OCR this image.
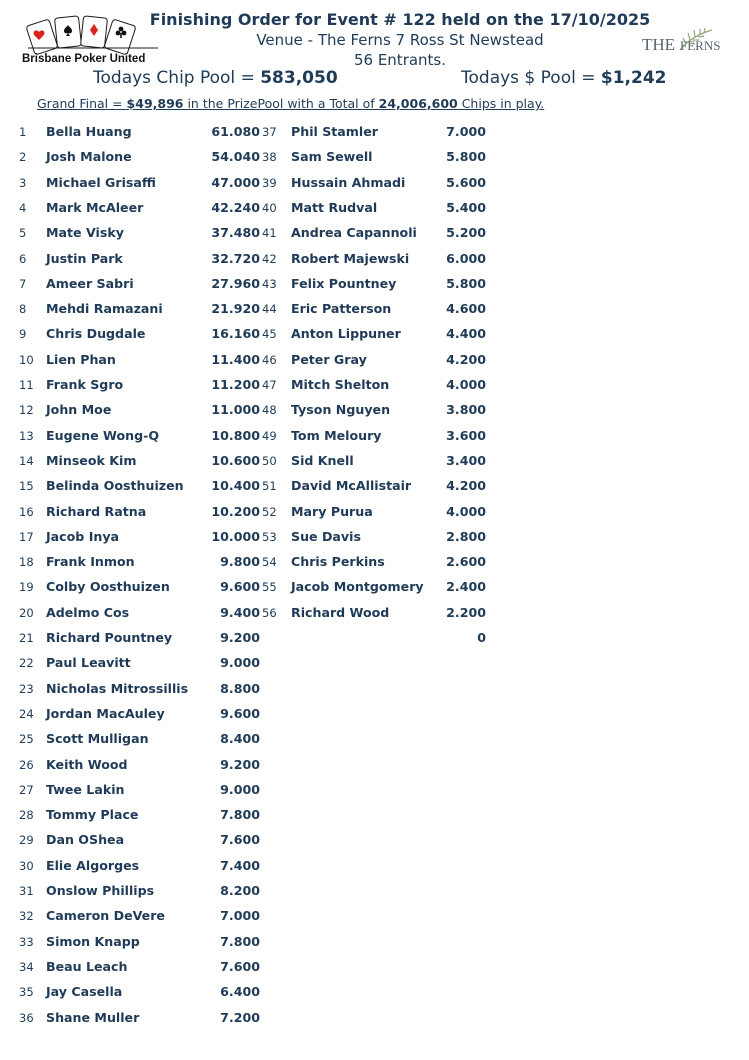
Brisbane Poker United
THE FERNS
Finishing Order for Event # 122 held on the 17/10/2025
Venue - The Ferns 7 Ross St Newstead
56 Entrants.
Todays Chip Pool = 583,050	Todays $ Pool = $1,242
Grand Final = $49,896 in the PrizePool with a Total of 24,006,600 Chips in play.
1 Bella Huang	61.080
2 Josh Malone	54.040
3 Michael Grisaffi	47.000
4 Mark McAleer	42.240
5 Mate Visky	37.480
6 Justin Park	32.720
7 Ameer Sabri	27.960
8 Mehdi Ramazani	21.920
9 Chris Dugdale	16.160
10 Lien Phan	11.400
11 Frank Sgro	11.200
12 John Moe	11.000
13 Eugene Wong-Q	10.800
14 Minseok Kim	10.600
15 Belinda Oosthuizen	10.400
16 Richard Ratna	10.200
17 Jacob Inya	10.000
18 Frank Inmon	9.800
19 Colby Oosthuizen	9.600
20 Adelmo Cos	9.400
21 Richard Pountney	9.200
22 Paul Leavitt	9.000
23 Nicholas Mitrossillis	8.800
24 Jordan MacAuley	9.600
25 Scott Mulligan	8.400
26 Keith Wood	9.200
27 Twee Lakin	9.000
28 Tommy Place	7.800
29 Dan OShea	7.600
30 Elie Algorges	7.400
31 Onslow Phillips	8.200
32 Cameron DeVere	7.000
33 Simon Knapp	7.800
34 Beau Leach	7.600
35 Jay Casella	6.400
36 Shane Muller	7.200
37 Phil Stamler	7.000
38 Sam Sewell	5.800
39 Hussain Ahmadi	5.600
40 Matt Rudval	5.400
41 Andrea Capannoli	5.200
42 Robert Majewski	6.000
43 Felix Pountney	5.800
44 Eric Patterson	4.600
45 Anton Lippuner	4.400
46 Peter Gray	4.200
47 Mitch Shelton	4.000
48 Tyson Nguyen	3.800
49 Tom Meloury	3.600
50 Sid Knell	3.400
51 David McAllistair	4.200
52 Mary Purua	4.000
53 Sue Davis	2.800
54 Chris Perkins	2.600
55 Jacob Montgomery	2.400
56 Richard Wood	2.200
0
